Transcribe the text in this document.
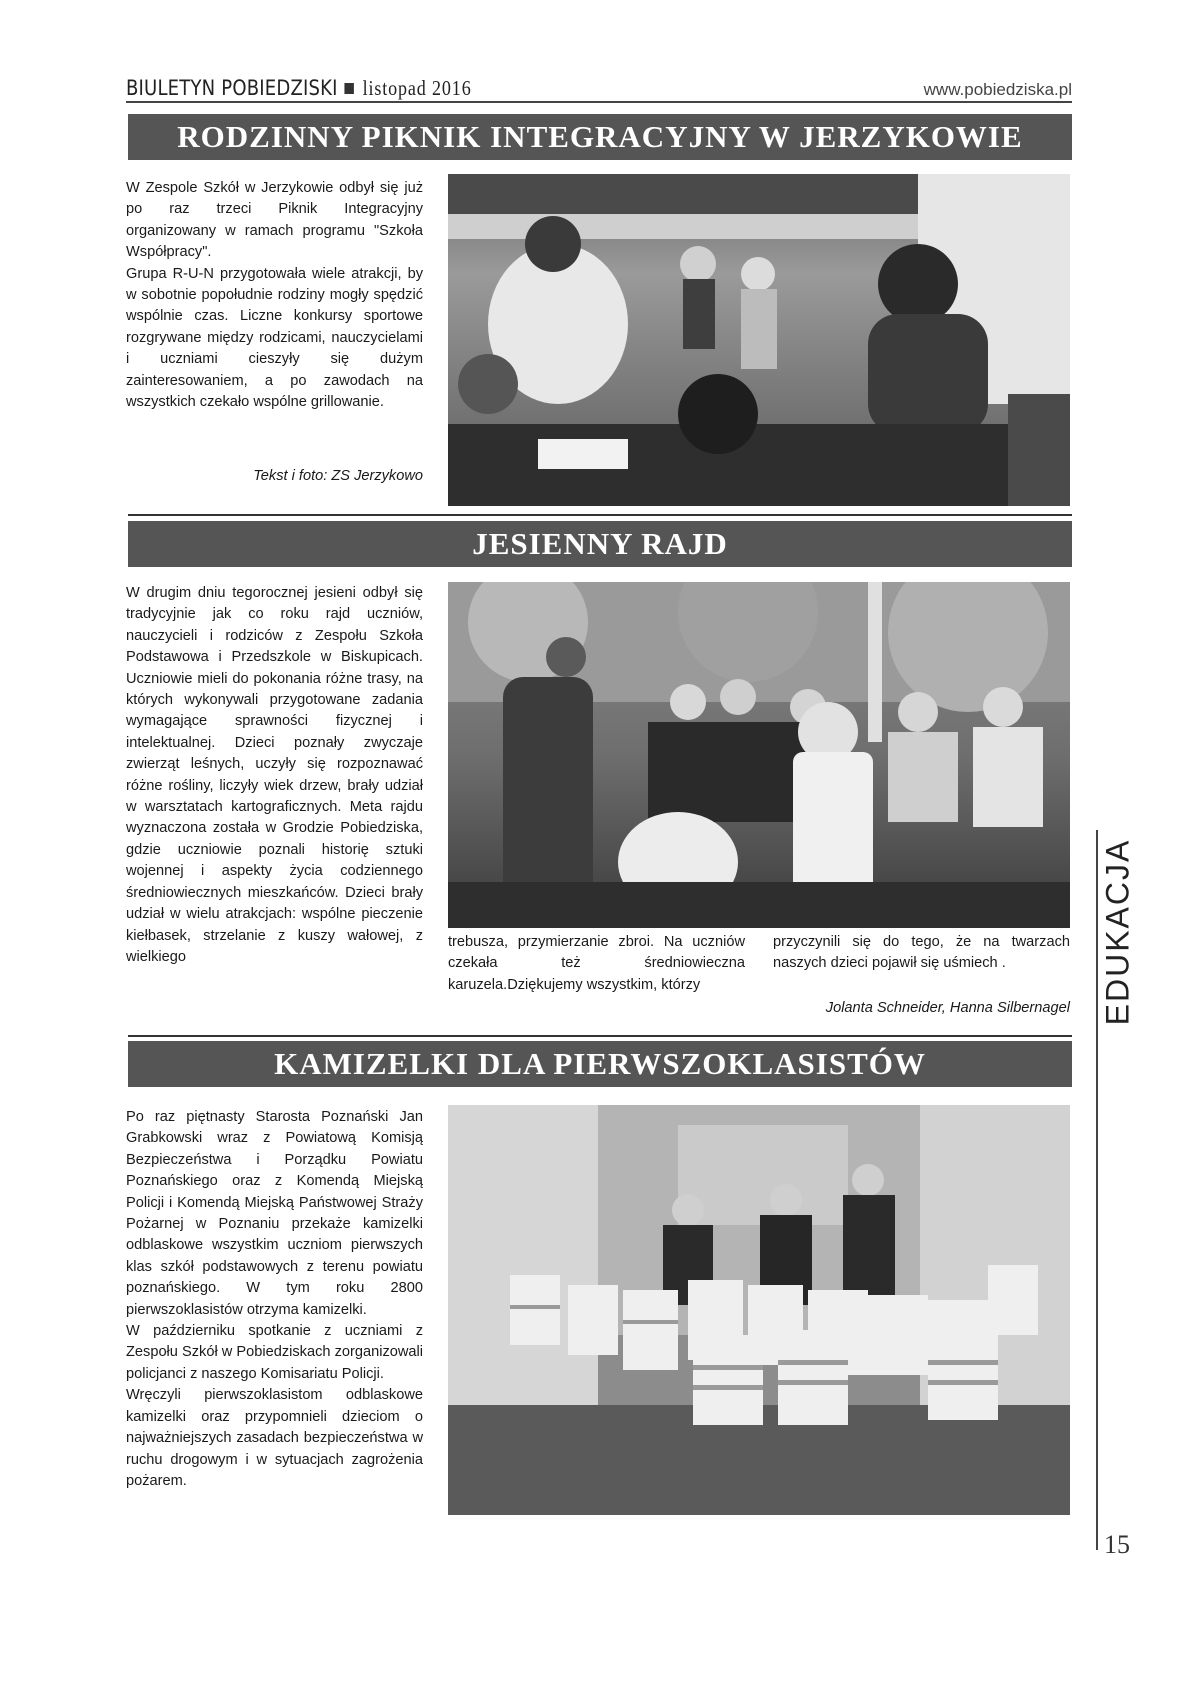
BIULETYN POBIEDZISKI listopad 2016	www.pobiedziska.pl
RODZINNY PIKNIK INTEGRACYJNY W JERZYKOWIE

W Zespole Szkół w Jerzykowie odbył się już po raz trzeci Piknik Integracyjny organizowany w ramach programu "Szkoła Współpracy".

Grupa R-U-N przygotowała wiele atrakcji, by w sobotnie popołudnie rodziny mogły spędzić wspólnie czas. Liczne konkursy sportowe rozgrywane między rodzicami, nauczycielami i uczniami cieszyły się dużym zainteresowaniem, a po zawodach na wszystkich czekało wspólne grillowanie.

Tekst i foto: ZS Jerzykowo
JESIENNY RAJD
W drugim dniu tegorocznej jesieni odbył się tradycyjnie jak co roku rajd uczniów, nauczycieli i rodziców z Zespołu Szkoła Podstawowa i Przedszkole w Biskupicach. Uczniowie mieli do pokonania różne trasy, na których wykonywali przygotowane zadania wymagające sprawności fizycznej i intelektualnej. Dzieci poznały zwyczaje zwierząt leśnych, uczyły się rozpoznawać różne rośliny, liczyły wiek drzew, brały udział w warsztatach kartograficznych. Meta rajdu wyznaczona została w Grodzie Pobiedziska, gdzie uczniowie poznali historię sztuki wojennej i aspekty życia codziennego średniowiecznych mieszkańców. Dzieci brały udział w wielu atrakcjach: wspólne pieczenie kiełbasek, strzelanie z kuszy wałowej, z wielkiego
trebusza, przymierzanie zbroi. Na uczniów czekała też średniowieczna karuzela.Dziękujemy wszystkim, którzy
przyczynili się do tego, że na twarzach naszych dzieci pojawił się uśmiech .
Jolanta Schneider, Hanna Silbernagel
KAMIZELKI DLA PIERWSZOKLASISTÓW

Po raz piętnasty Starosta Poznański Jan Grabkowski wraz z Powiatową Komisją Bezpieczeństwa i Porządku Powiatu Poznańskiego oraz z Komendą Miejską Policji i Komendą Miejską Państwowej Straży Pożarnej w Poznaniu przekaże kamizelki odblaskowe wszystkim uczniom pierwszych klas szkół podstawowych z terenu powiatu poznańskiego. W tym roku 2800 pierwszoklasistów otrzyma kamizelki.

W październiku spotkanie z uczniami z Zespołu Szkół w Pobiedziskach zorganizowali policjanci z naszego Komisariatu Policji.

Wręczyli pierwszoklasistom odblaskowe kamizelki oraz przypomnieli dzieciom o najważniejszych zasadach bezpieczeństwa w ruchu drogowym i w sytuacjach zagrożenia pożarem.

EDUKACJA
15
